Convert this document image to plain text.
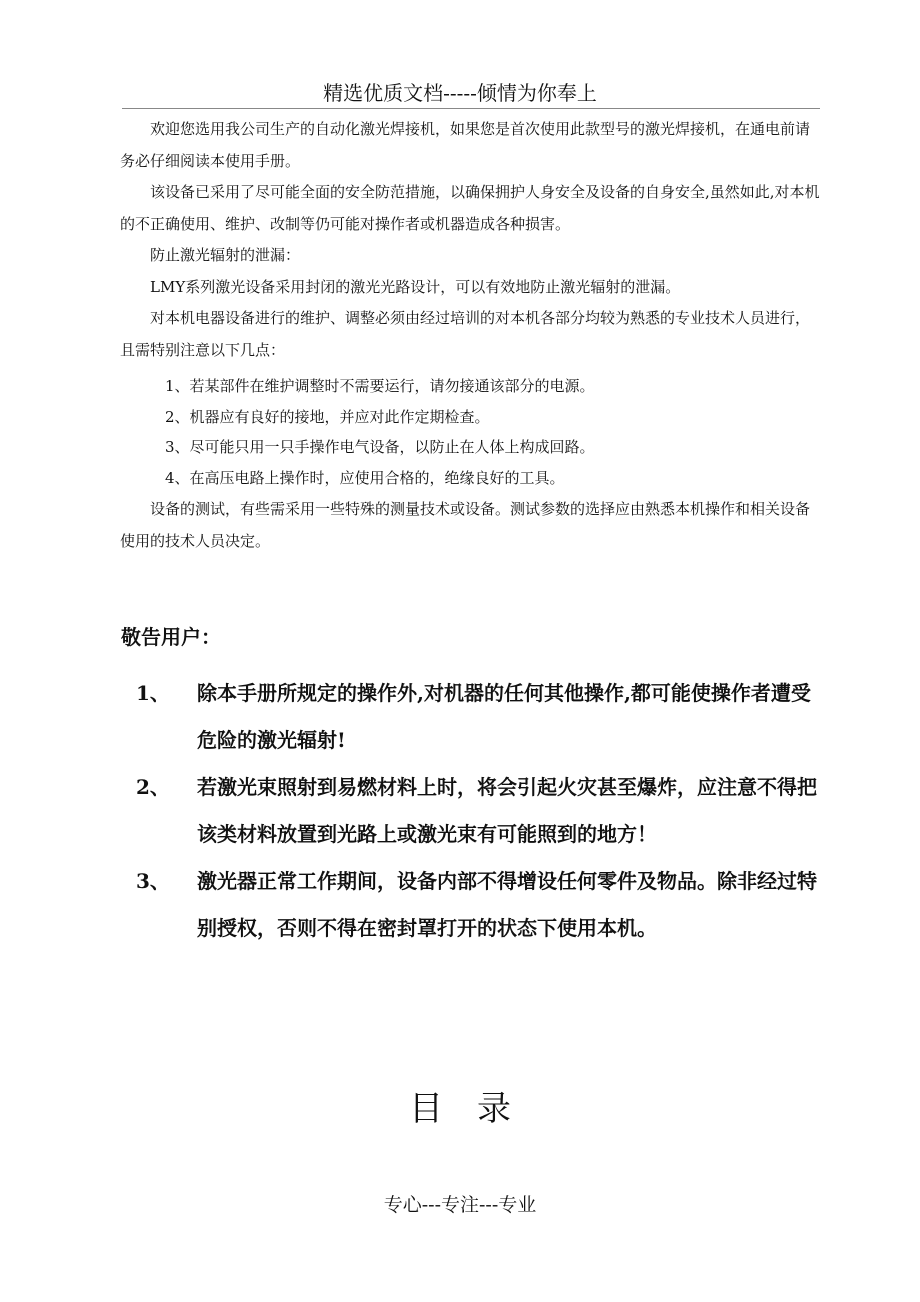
精选优质文档-----倾情为你奉上

欢迎您选用我公司生产的自动化激光焊接机，如果您是首次使用此款型号的激光焊接机，在通电前请务必仔细阅读本使用手册。

该设备已采用了尽可能全面的安全防范措施，以确保拥护人身安全及设备的自身安全,虽然如此,对本机的不正确使用、维护、改制等仍可能对操作者或机器造成各种损害。

防止激光辐射的泄漏：

LMY系列激光设备采用封闭的激光光路设计，可以有效地防止激光辐射的泄漏。

对本机电器设备进行的维护、调整必须由经过培训的对本机各部分均较为熟悉的专业技术人员进行，且需特别注意以下几点：

1、若某部件在维护调整时不需要运行，请勿接通该部分的电源。
2、机器应有良好的接地，并应对此作定期检查。
3、尽可能只用一只手操作电气设备，以防止在人体上构成回路。
4、在高压电路上操作时，应使用合格的，绝缘良好的工具。

设备的测试，有些需采用一些特殊的测量技术或设备。测试参数的选择应由熟悉本机操作和相关设备使用的技术人员决定。

敬告用户：
1、 除本手册所规定的操作外,对机器的任何其他操作,都可能使操作者遭受危险的激光辐射!
2、 若激光束照射到易燃材料上时，将会引起火灾甚至爆炸，应注意不得把该类材料放置到光路上或激光束有可能照到的地方！
3、 激光器正常工作期间，设备内部不得增设任何零件及物品。除非经过特别授权，否则不得在密封罩打开的状态下使用本机。
目录
专心---专注---专业
